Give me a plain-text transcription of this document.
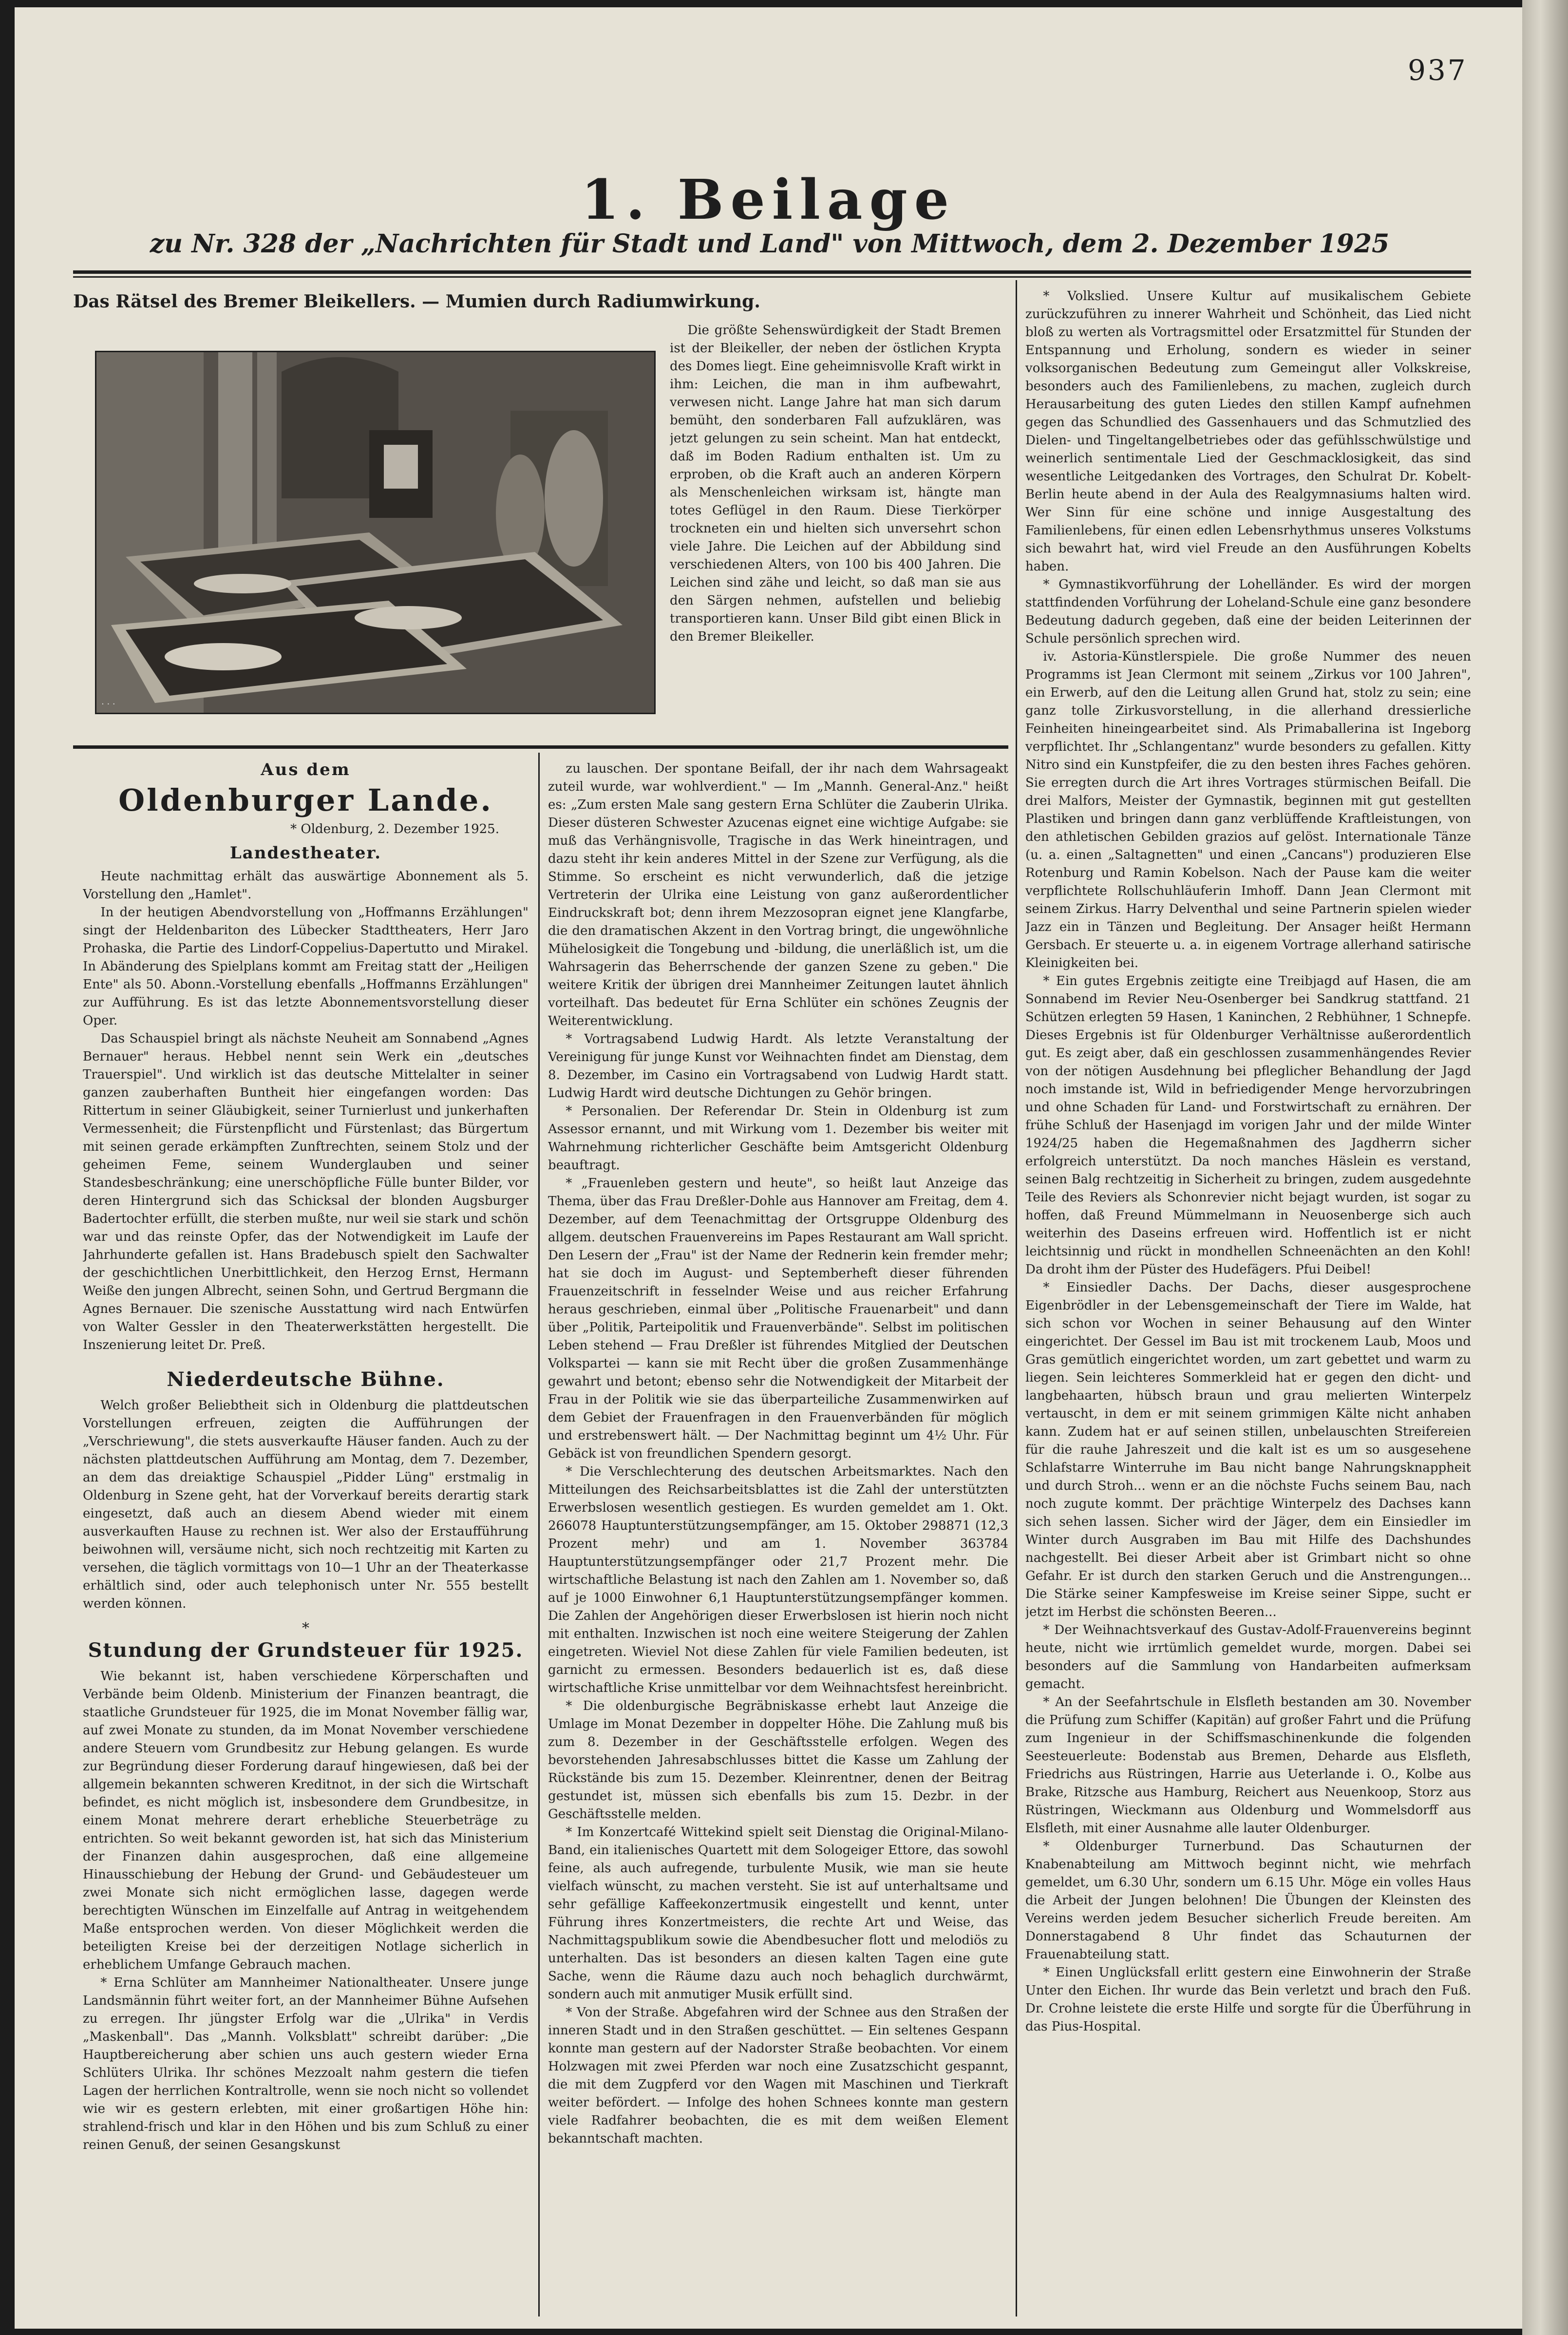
937
1. Beilage
zu Nr. 328 der „Nachrichten für Stadt und Land" von Mittwoch, dem 2. Dezember 1925
Das Rätsel des Bremer Bleikellers. — Mumien durch Radiumwirkung.
· · ·

Die größte Sehenswürdigkeit der Stadt Bremen ist der Bleikeller, der neben der östlichen Krypta des Domes liegt. Eine geheimnisvolle Kraft wirkt in ihm: Leichen, die man in ihm aufbewahrt, verwesen nicht. Lange Jahre hat man sich darum bemüht, den sonderbaren Fall aufzuklären, was jetzt gelungen zu sein scheint. Man hat entdeckt, daß im Boden Radium enthalten ist. Um zu erproben, ob die Kraft auch an anderen Körpern als Menschenleichen wirksam ist, hängte man totes Geflügel in den Raum. Diese Tierkörper trockneten ein und hielten sich unversehrt schon viele Jahre. Die Leichen auf der Abbildung sind verschiedenen Alters, von 100 bis 400 Jahren. Die Leichen sind zähe und leicht, so daß man sie aus den Särgen nehmen, aufstellen und beliebig transportieren kann. Unser Bild gibt einen Blick in den Bremer Bleikeller.

Aus dem
Oldenburger Lande.
* Oldenburg, 2. Dezember 1925.
Landestheater.

Heute nachmittag erhält das auswärtige Abonnement als 5. Vorstellung den „Hamlet".

In der heutigen Abendvorstellung von „Hoffmanns Erzählungen" singt der Heldenbariton des Lübecker Stadttheaters, Herr Jaro Prohaska, die Partie des Lindorf-Coppelius-Dapertutto und Mirakel. In Abänderung des Spielplans kommt am Freitag statt der „Heiligen Ente" als 50. Abonn.-Vorstellung ebenfalls „Hoffmanns Erzählungen" zur Aufführung. Es ist das letzte Abonnementsvorstellung dieser Oper.

Das Schauspiel bringt als nächste Neuheit am Sonnabend „Agnes Bernauer" heraus. Hebbel nennt sein Werk ein „deutsches Trauerspiel". Und wirklich ist das deutsche Mittelalter in seiner ganzen zauberhaften Buntheit hier eingefangen worden: Das Rittertum in seiner Gläubigkeit, seiner Turnierlust und junkerhaften Vermessenheit; die Fürstenpflicht und Fürstenlast; das Bürgertum mit seinen gerade erkämpften Zunftrechten, seinem Stolz und der geheimen Feme, seinem Wunderglauben und seiner Standesbeschränkung; eine unerschöpfliche Fülle bunter Bilder, vor deren Hintergrund sich das Schicksal der blonden Augsburger Badertochter erfüllt, die sterben mußte, nur weil sie stark und schön war und das reinste Opfer, das der Notwendigkeit im Laufe der Jahrhunderte gefallen ist. Hans Bradebusch spielt den Sachwalter der geschichtlichen Unerbittlichkeit, den Herzog Ernst, Hermann Weiße den jungen Albrecht, seinen Sohn, und Gertrud Bergmann die Agnes Bernauer. Die szenische Ausstattung wird nach Entwürfen von Walter Gessler in den Theaterwerkstätten hergestellt. Die Inszenierung leitet Dr. Preß.

Niederdeutsche Bühne.

Welch großer Beliebtheit sich in Oldenburg die plattdeutschen Vorstellungen erfreuen, zeigten die Aufführungen der „Verschriewung", die stets ausverkaufte Häuser fanden. Auch zu der nächsten plattdeutschen Aufführung am Montag, dem 7. Dezember, an dem das dreiaktige Schauspiel „Pidder Lüng" erstmalig in Oldenburg in Szene geht, hat der Vorverkauf bereits derartig stark eingesetzt, daß auch an diesem Abend wieder mit einem ausverkauften Hause zu rechnen ist. Wer also der Erstaufführung beiwohnen will, versäume nicht, sich noch rechtzeitig mit Karten zu versehen, die täglich vormittags von 10—1 Uhr an der Theaterkasse erhältlich sind, oder auch telephonisch unter Nr. 555 bestellt werden können.

*
Stundung der Grundsteuer für 1925.

Wie bekannt ist, haben verschiedene Körperschaften und Verbände beim Oldenb. Ministerium der Finanzen beantragt, die staatliche Grundsteuer für 1925, die im Monat November fällig war, auf zwei Monate zu stunden, da im Monat November verschiedene andere Steuern vom Grundbesitz zur Hebung gelangen. Es wurde zur Begründung dieser Forderung darauf hingewiesen, daß bei der allgemein bekannten schweren Kreditnot, in der sich die Wirtschaft befindet, es nicht möglich ist, insbesondere dem Grundbesitze, in einem Monat mehrere derart erhebliche Steuerbeträge zu entrichten. So weit bekannt geworden ist, hat sich das Ministerium der Finanzen dahin ausgesprochen, daß eine allgemeine Hinausschiebung der Hebung der Grund- und Gebäudesteuer um zwei Monate sich nicht ermöglichen lasse, dagegen werde berechtigten Wünschen im Einzelfalle auf Antrag in weitgehendem Maße entsprochen werden. Von dieser Möglichkeit werden die beteiligten Kreise bei der derzeitigen Notlage sicherlich in erheblichem Umfange Gebrauch machen.

* Erna Schlüter am Mannheimer Nationaltheater. Unsere junge Landsmännin führt weiter fort, an der Mannheimer Bühne Aufsehen zu erregen. Ihr jüngster Erfolg war die „Ulrika" in Verdis „Maskenball". Das „Mannh. Volksblatt" schreibt darüber: „Die Hauptbereicherung aber schien uns auch gestern wieder Erna Schlüters Ulrika. Ihr schönes Mezzoalt nahm gestern die tiefen Lagen der herrlichen Kontraltrolle, wenn sie noch nicht so vollendet wie wir es gestern erlebten, mit einer großartigen Höhe hin: strahlend-frisch und klar in den Höhen und bis zum Schluß zu einer reinen Genuß, der seinen Gesangskunst

zu lauschen. Der spontane Beifall, der ihr nach dem Wahrsageakt zuteil wurde, war wohlverdient." — Im „Mannh. General-Anz." heißt es: „Zum ersten Male sang gestern Erna Schlüter die Zauberin Ulrika. Dieser düsteren Schwester Azucenas eignet eine wichtige Aufgabe: sie muß das Verhängnisvolle, Tragische in das Werk hineintragen, und dazu steht ihr kein anderes Mittel in der Szene zur Verfügung, als die Stimme. So erscheint es nicht verwunderlich, daß die jetzige Vertreterin der Ulrika eine Leistung von ganz außerordentlicher Eindruckskraft bot; denn ihrem Mezzosopran eignet jene Klangfarbe, die den dramatischen Akzent in den Vortrag bringt, die ungewöhnliche Mühelosigkeit die Tongebung und -bildung, die unerläßlich ist, um die Wahrsagerin das Beherrschende der ganzen Szene zu geben." Die weitere Kritik der übrigen drei Mannheimer Zeitungen lautet ähnlich vorteilhaft. Das bedeutet für Erna Schlüter ein schönes Zeugnis der Weiterentwicklung.

* Vortragsabend Ludwig Hardt. Als letzte Veranstaltung der Vereinigung für junge Kunst vor Weihnachten findet am Dienstag, dem 8. Dezember, im Casino ein Vortragsabend von Ludwig Hardt statt. Ludwig Hardt wird deutsche Dichtungen zu Gehör bringen.

* Personalien. Der Referendar Dr. Stein in Oldenburg ist zum Assessor ernannt, und mit Wirkung vom 1. Dezember bis weiter mit Wahrnehmung richterlicher Geschäfte beim Amtsgericht Oldenburg beauftragt.

* „Frauenleben gestern und heute", so heißt laut Anzeige das Thema, über das Frau Dreßler-Dohle aus Hannover am Freitag, dem 4. Dezember, auf dem Teenachmittag der Ortsgruppe Oldenburg des allgem. deutschen Frauenvereins im Papes Restaurant am Wall spricht. Den Lesern der „Frau" ist der Name der Rednerin kein fremder mehr; hat sie doch im August- und Septemberheft dieser führenden Frauenzeitschrift in fesselnder Weise und aus reicher Erfahrung heraus geschrieben, einmal über „Politische Frauenarbeit" und dann über „Politik, Parteipolitik und Frauenverbände". Selbst im politischen Leben stehend — Frau Dreßler ist führendes Mitglied der Deutschen Volkspartei — kann sie mit Recht über die großen Zusammenhänge gewahrt und betont; ebenso sehr die Notwendigkeit der Mitarbeit der Frau in der Politik wie sie das überparteiliche Zusammenwirken auf dem Gebiet der Frauenfragen in den Frauenverbänden für möglich und erstrebenswert hält. — Der Nachmittag beginnt um 4½ Uhr. Für Gebäck ist von freundlichen Spendern gesorgt.

* Die Verschlechterung des deutschen Arbeitsmarktes. Nach den Mitteilungen des Reichsarbeitsblattes ist die Zahl der unterstützten Erwerbslosen wesentlich gestiegen. Es wurden gemeldet am 1. Okt. 266078 Hauptunterstützungsempfänger, am 15. Oktober 298871 (12,3 Prozent mehr) und am 1. November 363784 Hauptunterstützungsempfänger oder 21,7 Prozent mehr. Die wirtschaftliche Belastung ist nach den Zahlen am 1. November so, daß auf je 1000 Einwohner 6,1 Hauptunterstützungsempfänger kommen. Die Zahlen der Angehörigen dieser Erwerbslosen ist hierin noch nicht mit enthalten. Inzwischen ist noch eine weitere Steigerung der Zahlen eingetreten. Wieviel Not diese Zahlen für viele Familien bedeuten, ist garnicht zu ermessen. Besonders bedauerlich ist es, daß diese wirtschaftliche Krise unmittelbar vor dem Weihnachtsfest hereinbricht.

* Die oldenburgische Begräbniskasse erhebt laut Anzeige die Umlage im Monat Dezember in doppelter Höhe. Die Zahlung muß bis zum 8. Dezember in der Geschäftsstelle erfolgen. Wegen des bevorstehenden Jahresabschlusses bittet die Kasse um Zahlung der Rückstände bis zum 15. Dezember. Kleinrentner, denen der Beitrag gestundet ist, müssen sich ebenfalls bis zum 15. Dezbr. in der Geschäftsstelle melden.

* Im Konzertcafé Wittekind spielt seit Dienstag die Original-Milano-Band, ein italienisches Quartett mit dem Sologeiger Ettore, das sowohl feine, als auch aufregende, turbulente Musik, wie man sie heute vielfach wünscht, zu machen versteht. Sie ist auf unterhaltsame und sehr gefällige Kaffeekonzertmusik eingestellt und kennt, unter Führung ihres Konzertmeisters, die rechte Art und Weise, das Nachmittagspublikum sowie die Abendbesucher flott und melodiös zu unterhalten. Das ist besonders an diesen kalten Tagen eine gute Sache, wenn die Räume dazu auch noch behaglich durchwärmt, sondern auch mit anmutiger Musik erfüllt sind.

* Von der Straße. Abgefahren wird der Schnee aus den Straßen der inneren Stadt und in den Straßen geschüttet. — Ein seltenes Gespann konnte man gestern auf der Nadorster Straße beobachten. Vor einem Holzwagen mit zwei Pferden war noch eine Zusatzschicht gespannt, die mit dem Zugpferd vor den Wagen mit Maschinen und Tierkraft weiter befördert. — Infolge des hohen Schnees konnte man gestern viele Radfahrer beobachten, die es mit dem weißen Element bekanntschaft machten.

* Volkslied. Unsere Kultur auf musikalischem Gebiete zurückzuführen zu innerer Wahrheit und Schönheit, das Lied nicht bloß zu werten als Vortragsmittel oder Ersatzmittel für Stunden der Entspannung und Erholung, sondern es wieder in seiner volksorganischen Bedeutung zum Gemeingut aller Volkskreise, besonders auch des Familienlebens, zu machen, zugleich durch Herausarbeitung des guten Liedes den stillen Kampf aufnehmen gegen das Schundlied des Gassenhauers und das Schmutzlied des Dielen- und Tingeltangelbetriebes oder das gefühlsschwülstige und weinerlich sentimentale Lied der Geschmacklosigkeit, das sind wesentliche Leitgedanken des Vortrages, den Schulrat Dr. Kobelt-Berlin heute abend in der Aula des Realgymnasiums halten wird. Wer Sinn für eine schöne und innige Ausgestaltung des Familienlebens, für einen edlen Lebensrhythmus unseres Volkstums sich bewahrt hat, wird viel Freude an den Ausführungen Kobelts haben.

* Gymnastikvorführung der Lohelländer. Es wird der morgen stattfindenden Vorführung der Loheland-Schule eine ganz besondere Bedeutung dadurch gegeben, daß eine der beiden Leiterinnen der Schule persönlich sprechen wird.

iv. Astoria-Künstlerspiele. Die große Nummer des neuen Programms ist Jean Clermont mit seinem „Zirkus vor 100 Jahren", ein Erwerb, auf den die Leitung allen Grund hat, stolz zu sein; eine ganz tolle Zirkusvorstellung, in die allerhand dressierliche Feinheiten hineingearbeitet sind. Als Primaballerina ist Ingeborg verpflichtet. Ihr „Schlangentanz" wurde besonders zu gefallen. Kitty Nitro sind ein Kunstpfeifer, die zu den besten ihres Faches gehören. Sie erregten durch die Art ihres Vortrages stürmischen Beifall. Die drei Malfors, Meister der Gymnastik, beginnen mit gut gestellten Plastiken und bringen dann ganz verblüffende Kraftleistungen, von den athletischen Gebilden grazios auf gelöst. Internationale Tänze (u. a. einen „Saltagnetten" und einen „Cancans") produzieren Else Rotenburg und Ramin Kobelson. Nach der Pause kam die weiter verpflichtete Rollschuhläuferin Imhoff. Dann Jean Clermont mit seinem Zirkus. Harry Delventhal und seine Partnerin spielen wieder Jazz ein in Tänzen und Begleitung. Der Ansager heißt Hermann Gersbach. Er steuerte u. a. in eigenem Vortrage allerhand satirische Kleinigkeiten bei.

* Ein gutes Ergebnis zeitigte eine Treibjagd auf Hasen, die am Sonnabend im Revier Neu-Osenberger bei Sandkrug stattfand. 21 Schützen erlegten 59 Hasen, 1 Kaninchen, 2 Rebhühner, 1 Schnepfe. Dieses Ergebnis ist für Oldenburger Verhältnisse außerordentlich gut. Es zeigt aber, daß ein geschlossen zusammenhängendes Revier von der nötigen Ausdehnung bei pfleglicher Behandlung der Jagd noch imstande ist, Wild in befriedigender Menge hervorzubringen und ohne Schaden für Land- und Forstwirtschaft zu ernähren. Der frühe Schluß der Hasenjagd im vorigen Jahr und der milde Winter 1924/25 haben die Hegemaßnahmen des Jagdherrn sicher erfolgreich unterstützt. Da noch manches Häslein es verstand, seinen Balg rechtzeitig in Sicherheit zu bringen, zudem ausgedehnte Teile des Reviers als Schonrevier nicht bejagt wurden, ist sogar zu hoffen, daß Freund Mümmelmann in Neuosenberge sich auch weiterhin des Daseins erfreuen wird. Hoffentlich ist er nicht leichtsinnig und rückt in mondhellen Schneenächten an den Kohl! Da droht ihm der Püster des Hudefägers. Pfui Deibel!

* Einsiedler Dachs. Der Dachs, dieser ausgesprochene Eigenbrödler in der Lebensgemeinschaft der Tiere im Walde, hat sich schon vor Wochen in seiner Behausung auf den Winter eingerichtet. Der Gessel im Bau ist mit trockenem Laub, Moos und Gras gemütlich eingerichtet worden, um zart gebettet und warm zu liegen. Sein leichteres Sommerkleid hat er gegen den dicht- und langbehaarten, hübsch braun und grau melierten Winterpelz vertauscht, in dem er mit seinem grimmigen Kälte nicht anhaben kann. Zudem hat er auf seinen stillen, unbelauschten Streifereien für die rauhe Jahreszeit und die kalt ist es um so ausgesehene Schlafstarre Winterruhe im Bau nicht bange Nahrungsknappheit und durch Stroh... wenn er an die nöchste Fuchs seinem Bau, nach noch zugute kommt. Der prächtige Winterpelz des Dachses kann sich sehen lassen. Sicher wird der Jäger, dem ein Einsiedler im Winter durch Ausgraben im Bau mit Hilfe des Dachshundes nachgestellt. Bei dieser Arbeit aber ist Grimbart nicht so ohne Gefahr. Er ist durch den starken Geruch und die Anstrengungen... Die Stärke seiner Kampfesweise im Kreise seiner Sippe, sucht er jetzt im Herbst die schönsten Beeren...

* Der Weihnachtsverkauf des Gustav-Adolf-Frauenvereins beginnt heute, nicht wie irrtümlich gemeldet wurde, morgen. Dabei sei besonders auf die Sammlung von Handarbeiten aufmerksam gemacht.

* An der Seefahrtschule in Elsfleth bestanden am 30. November die Prüfung zum Schiffer (Kapitän) auf großer Fahrt und die Prüfung zum Ingenieur in der Schiffsmaschinenkunde die folgenden Seesteuerleute: Bodenstab aus Bremen, Deharde aus Elsfleth, Friedrichs aus Rüstringen, Harrie aus Ueterlande i. O., Kolbe aus Brake, Ritzsche aus Hamburg, Reichert aus Neuenkoop, Storz aus Rüstringen, Wieckmann aus Oldenburg und Wommelsdorff aus Elsfleth, mit einer Ausnahme alle lauter Oldenburger.

* Oldenburger Turnerbund. Das Schauturnen der Knabenabteilung am Mittwoch beginnt nicht, wie mehrfach gemeldet, um 6.30 Uhr, sondern um 6.15 Uhr. Möge ein volles Haus die Arbeit der Jungen belohnen! Die Übungen der Kleinsten des Vereins werden jedem Besucher sicherlich Freude bereiten. Am Donnerstagabend 8 Uhr findet das Schauturnen der Frauenabteilung statt.

* Einen Unglücksfall erlitt gestern eine Einwohnerin der Straße Unter den Eichen. Ihr wurde das Bein verletzt und brach den Fuß. Dr. Crohne leistete die erste Hilfe und sorgte für die Überführung in das Pius-Hospital.
